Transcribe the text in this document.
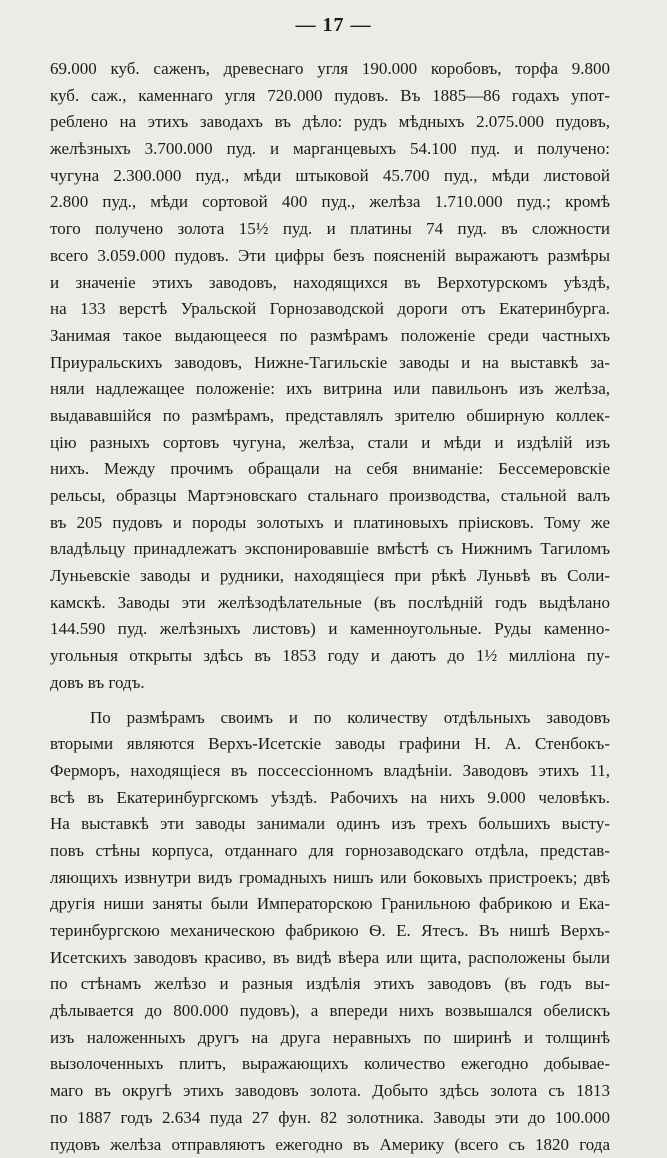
— 17 —
69.000 куб. саженъ, древеснаго угля 190.000 коробовъ, торфа 9.800
куб. саж., каменнаго угля 720.000 пудовъ. Въ 1885—86 годахъ упот-
реблено на этихъ заводахъ въ дѣло: рудъ мѣдныхъ 2.075.000 пудовъ,
желѣзныхъ 3.700.000 пуд. и марганцевыхъ 54.100 пуд. и получено:
чугуна 2.300.000 пуд., мѣди штыковой 45.700 пуд., мѣди листовой
2.800 пуд., мѣди сортовой 400 пуд., желѣза 1.710.000 пуд.; кромѣ
того получено золота 15½ пуд. и платины 74 пуд. въ сложности
всего 3.059.000 пудовъ. Эти цифры безъ поясненій выражаютъ размѣры
и значеніе этихъ заводовъ, находящихся въ Верхотурскомъ уѣздѣ,
на 133 верстѣ Уральской Горнозаводской дороги отъ Екатеринбурга.
Занимая такое выдающееся по размѣрамъ положеніе среди частныхъ
Приуральскихъ заводовъ, Нижне-Тагильскіе заводы и на выставкѣ за-
няли надлежащее положеніе: ихъ витрина или павильонъ изъ желѣза,
выдававшійся по размѣрамъ, представлялъ зрителю обширную коллек-
цію разныхъ сортовъ чугуна, желѣза, стали и мѣди и издѣлій изъ
нихъ. Между прочимъ обращали на себя вниманіе: Бессемеровскіе
рельсы, образцы Мартэновскаго стальнаго производства, стальной валъ
въ 205 пудовъ и породы золотыхъ и платиновыхъ пріисковъ. Тому же
владѣльцу принадлежатъ экспонировавшіе вмѣстѣ съ Нижнимъ Тагиломъ
Луньевскіе заводы и рудники, находящіеся при рѣкѣ Луньвѣ въ Соли-
камскѣ. Заводы эти желѣзодѣлательные (въ послѣдній годъ выдѣлано
144.590 пуд. желѣзныхъ листовъ) и каменноугольные. Руды каменно-
угольныя открыты здѣсь въ 1853 году и даютъ до 1½ милліона пу-
довъ въ годъ.
По размѣрамъ своимъ и по количеству отдѣльныхъ заводовъ
вторыми являются Верхъ-Исетскіе заводы графини Н. А. Стенбокъ-
Ферморъ, находящіеся въ поссессіонномъ владѣніи. Заводовъ этихъ 11,
всѣ въ Екатеринбургскомъ уѣздѣ. Рабочихъ на нихъ 9.000 человѣкъ.
На выставкѣ эти заводы занимали одинъ изъ трехъ большихъ высту-
повъ стѣны корпуса, отданнаго для горнозаводскаго отдѣла, представ-
ляющихъ извнутри видъ громадныхъ нишъ или боковыхъ пристроекъ; двѣ
другія ниши заняты были Императорскою Гранильною фабрикою и Ека-
теринбургскою механическою фабрикою Ѳ. Е. Ятесъ. Въ нишѣ Верхъ-
Исетскихъ заводовъ красиво, въ видѣ вѣера или щита, расположены были
по стѣнамъ желѣзо и разныя издѣлія этихъ заводовъ (въ годъ вы-
дѣлывается до 800.000 пудовъ), а впереди нихъ возвышался обелискъ
изъ наложенныхъ другъ на друга неравныхъ по ширинѣ и толщинѣ
вызолоченныхъ плитъ, выражающихъ количество ежегодно добывае-
маго въ округѣ этихъ заводовъ золота. Добыто здѣсь золота съ 1813
по 1887 годъ 2.634 пуда 27 фун. 82 золотника. Заводы эти до 100.000
пудовъ желѣза отправляютъ ежегодно въ Америку (всего съ 1820 года
